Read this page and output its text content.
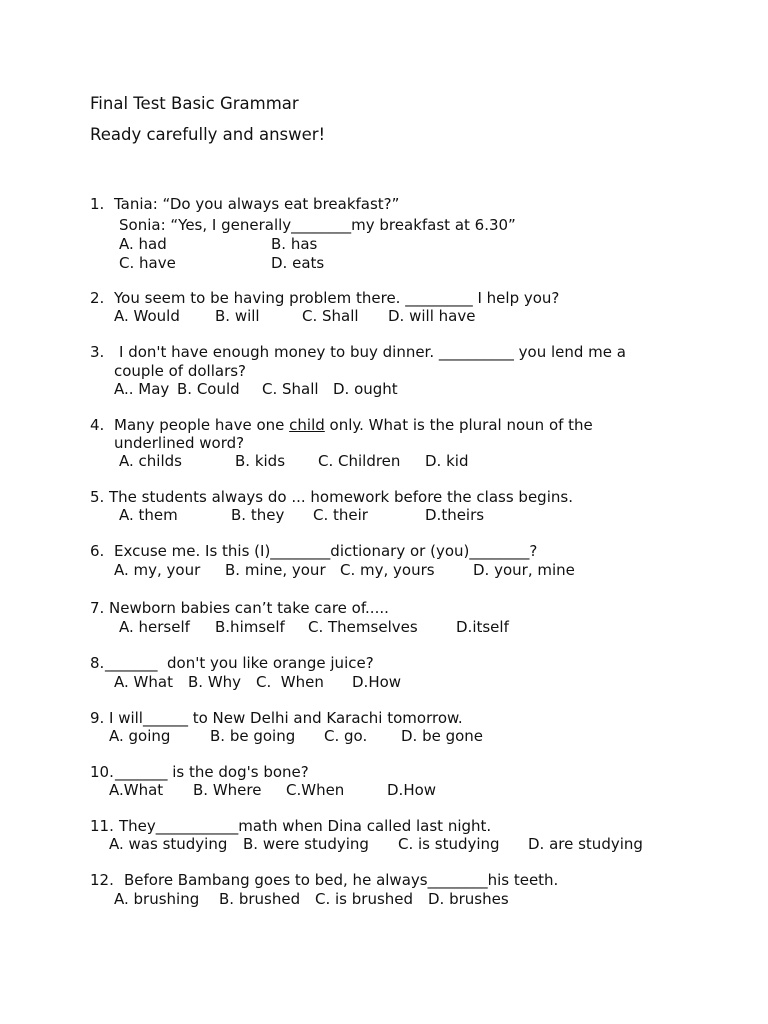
Final Test Basic Grammar
Ready carefully and answer!
1. Tania: “Do you always eat breakfast?”
Sonia: “Yes, I generally________my breakfast at 6.30”
A. had	B. has
C. have	D. eats
2. You seem to be having problem there. _________ I help you?
A. Would B. will	C. Shall D. will have
3. I don't have enough money to buy dinner. __________ you lend me a
couple of dollars?
A.. May B. Could C. Shall D. ought
4. Many people have one child only. What is the plural noun of the
underlined word?
A. childs	B. kids C. Children D. kid
5. The students always do ... homework before the class begins.
A. them	B. they C. their	D.theirs
6. Excuse me. Is this (I)________dictionary or (you)________?
A. my, your B. mine, your C. my, yours	D. your, mine
7. Newborn babies can’t take care of.....
A. herself B.himself C. Themselves	D.itself
8. _______  don't you like orange juice?
A. What B. Why C.  When D.How
9. I will______ to New Delhi and Karachi tomorrow.
A. going	B. be going C. go. D. be gone
10. _______ is the dog's bone?
A.What B. Where C.When	D.How
11. They___________math when Dina called last night.
A. was studying B. were studying C. is studying D. are studying
12. Before Bambang goes to bed, he always________his teeth.
A. brushing B. brushed C. is brushed D. brushes
